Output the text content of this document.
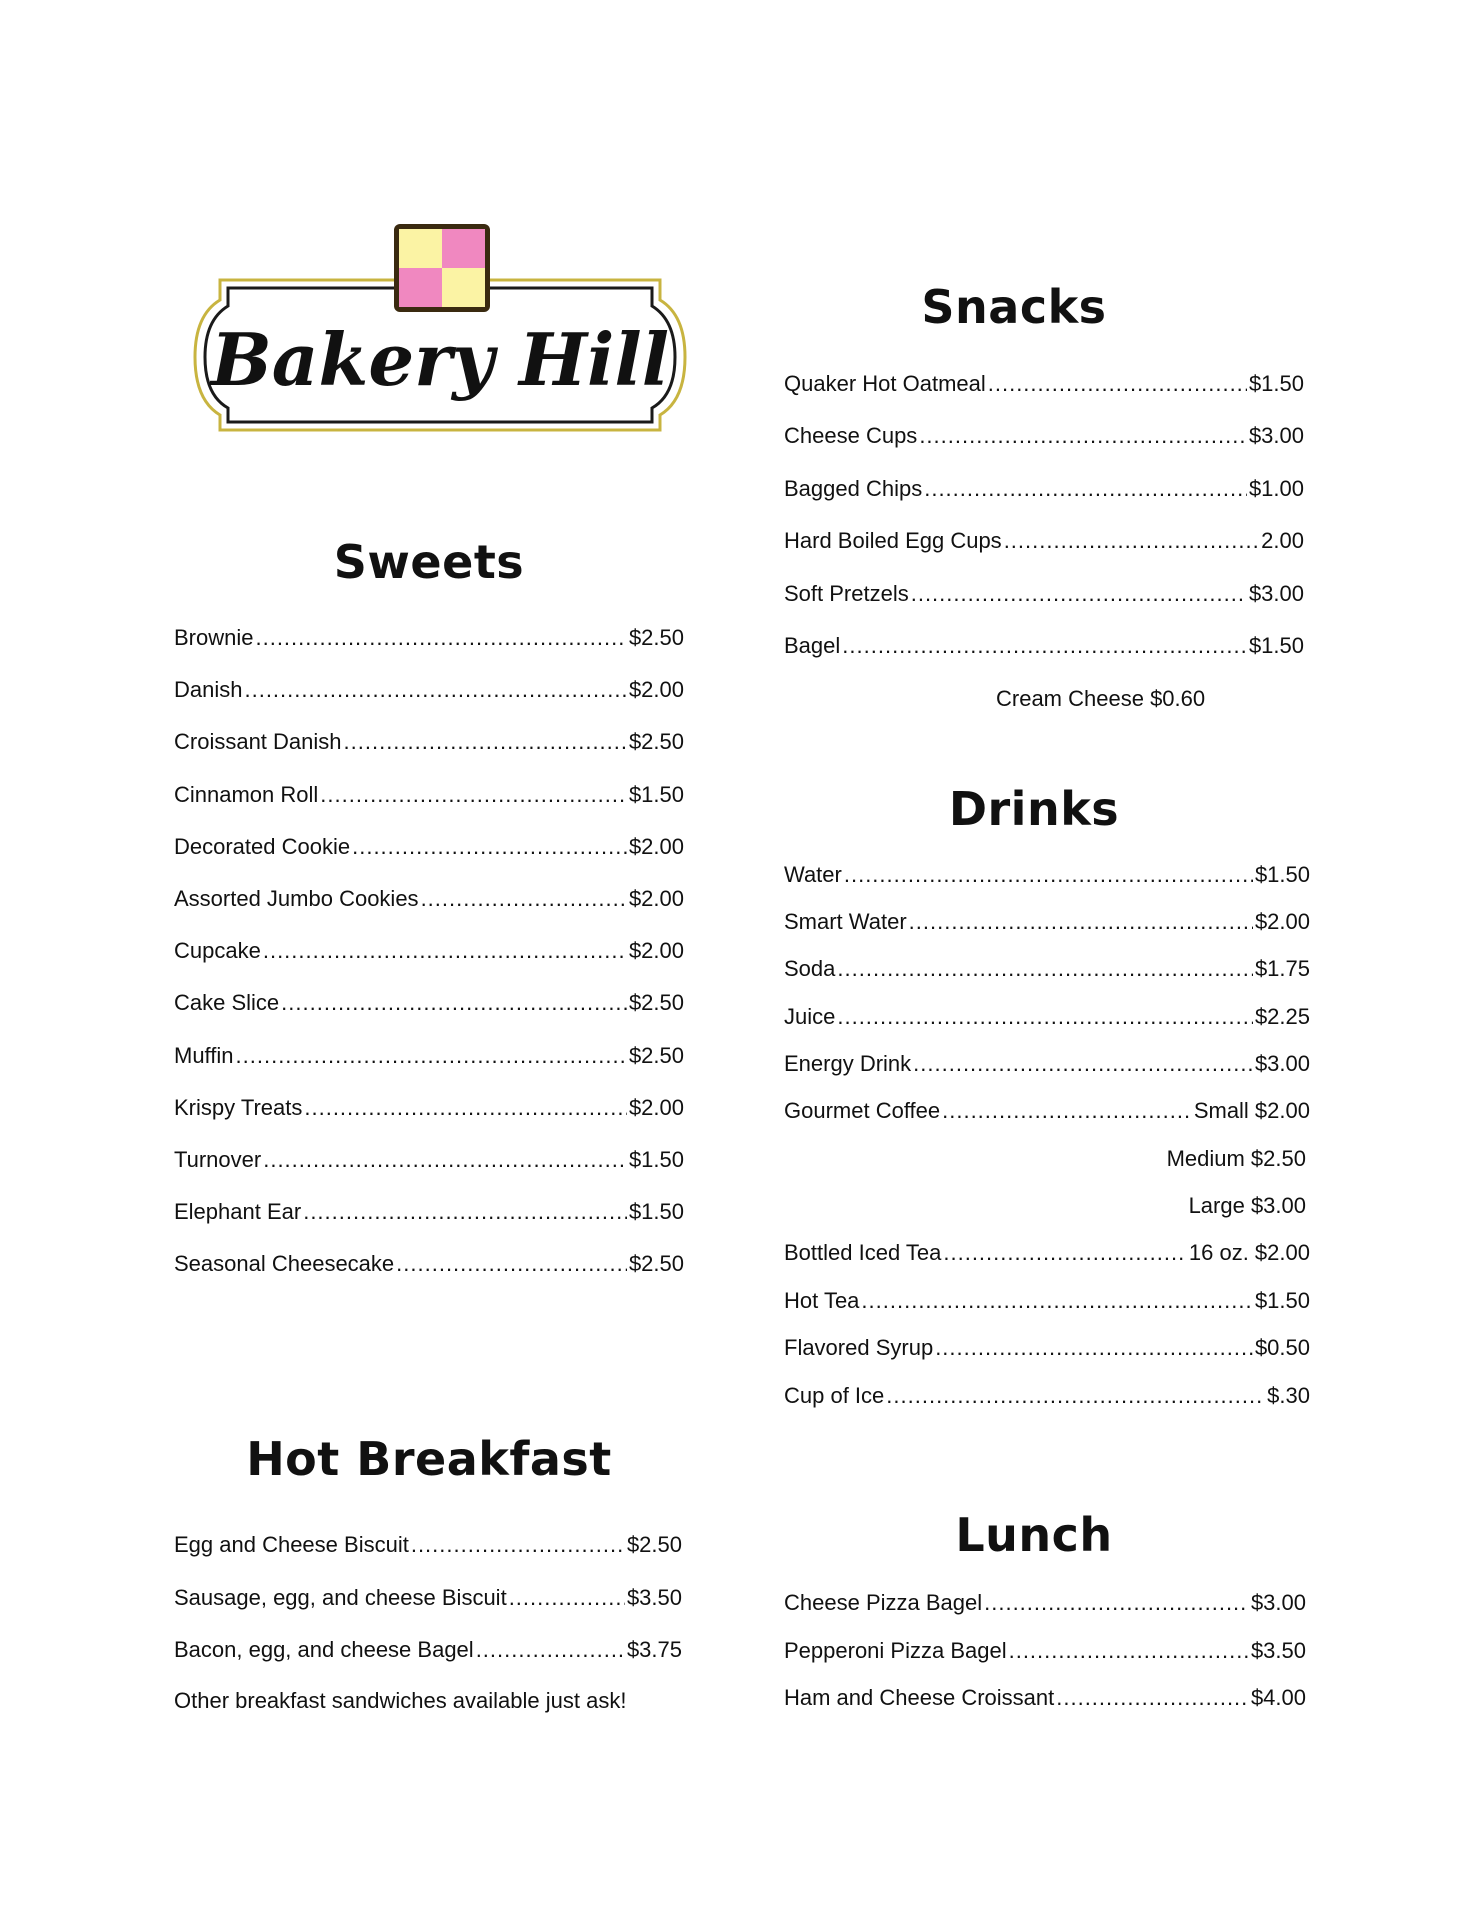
Bakery Hill
Sweets
Brownie .....	$2.50
Danish .....	$2.00
Croissant Danish .....	$2.50
Cinnamon Roll .....	$1.50
Decorated Cookie .....	$2.00
Assorted Jumbo Cookies .....	$2.00
Cupcake .....	$2.00
Cake Slice .....	$2.50
Muffin .....	$2.50
Krispy Treats .....	$2.00
Turnover .....	$1.50
Elephant Ear .....	$1.50
Seasonal Cheesecake .....	$2.50
Hot Breakfast
Egg and Cheese Biscuit .....	$2.50
Sausage, egg, and cheese Biscuit .....	$3.50
Bacon, egg, and cheese Bagel .....	$3.75
Other breakfast sandwiches available just ask!
Snacks
Quaker Hot Oatmeal .....	$1.50
Cheese Cups .....	$3.00
Bagged Chips .....	$1.00
Hard Boiled Egg Cups .....	2.00
Soft Pretzels .....	$3.00
Bagel .....	$1.50
Cream Cheese $0.60
Drinks
Water .....	$1.50
Smart Water .....	$2.00
Soda .....	$1.75
Juice .....	$2.25
Energy Drink .....	$3.00
Gourmet Coffee .....	Small $2.00
Medium $2.50
Large $3.00
Bottled Iced Tea .....	16 oz. $2.00
Hot Tea .....	$1.50
Flavored Syrup .....	$0.50
Cup of Ice .....	$.30
Lunch
Cheese Pizza Bagel .....	$3.00
Pepperoni Pizza Bagel .....	$3.50
Ham and Cheese Croissant .....	$4.00
